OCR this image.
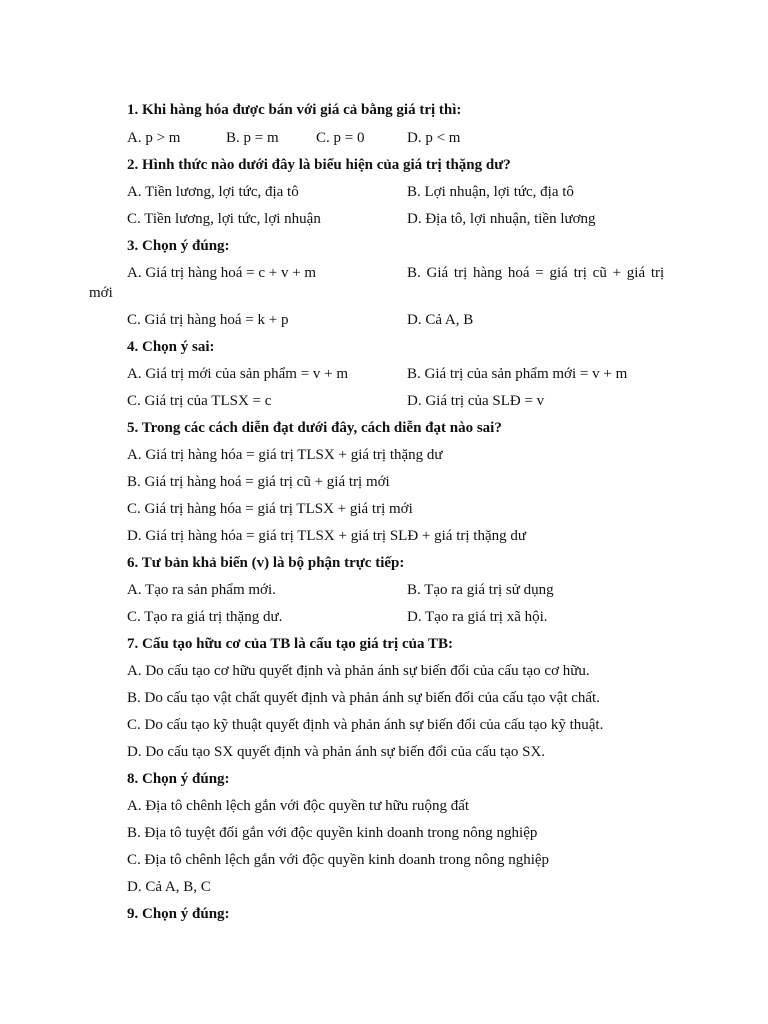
1. Khi hàng hóa được bán với giá cả bằng giá trị thì:
A. p > m	B. p = m C. p = 0	D. p < m
2. Hình thức nào dưới đây là biểu hiện của giá trị thặng dư?
A. Tiền lương, lợi tức, địa tô	B. Lợi nhuận, lợi tức, địa tô
C. Tiền lương, lợi tức, lợi nhuận	D. Địa tô, lợi nhuận, tiền lương
3. Chọn ý đúng:
A. Giá trị hàng hoá = c + v + m	B. Giá trị hàng hoá = giá trị cũ + giá trị
mới
C. Giá trị hàng hoá = k + p	D. Cả A, B
4. Chọn ý sai:
A. Giá trị mới của sản phẩm = v + m	B. Giá trị của sản phẩm mới = v + m
C. Giá trị của TLSX = c	D. Giá trị của SLĐ = v
5. Trong các cách diễn đạt dưới đây, cách diễn đạt nào sai?
A. Giá trị hàng hóa = giá trị TLSX + giá trị thặng dư
B. Giá trị hàng hoá = giá trị cũ + giá trị mới
C. Giá trị hàng hóa = giá trị TLSX + giá trị mới
D. Giá trị hàng hóa = giá trị TLSX + giá trị SLĐ + giá trị thặng dư
6. Tư bản khả biến (v) là bộ phận trực tiếp:
A. Tạo ra sản phẩm mới.	B. Tạo ra giá trị sử dụng
C. Tạo ra giá trị thặng dư.	D. Tạo ra giá trị xã hội.
7. Cấu tạo hữu cơ của TB là cấu tạo giá trị của TB:
A. Do cấu tạo cơ hữu quyết định và phản ánh sự biến đổi của cấu tạo cơ hữu.
B. Do cấu tạo vật chất quyết định và phản ánh sự biến đổi của cấu tạo vật chất.
C. Do cấu tạo kỹ thuật quyết định và phản ánh sự biến đổi của cấu tạo kỹ thuật.
D. Do cấu tạo SX quyết định và phản ánh sự biến đổi của cấu tạo SX.
8. Chọn ý đúng:
A. Địa tô chênh lệch gắn với độc quyền tư hữu ruộng đất
B. Địa tô tuyệt đối gắn với độc quyền kinh doanh trong nông nghiệp
C. Địa tô chênh lệch gắn với độc quyền kinh doanh trong nông nghiệp
D. Cả A, B, C
9. Chọn ý đúng:
